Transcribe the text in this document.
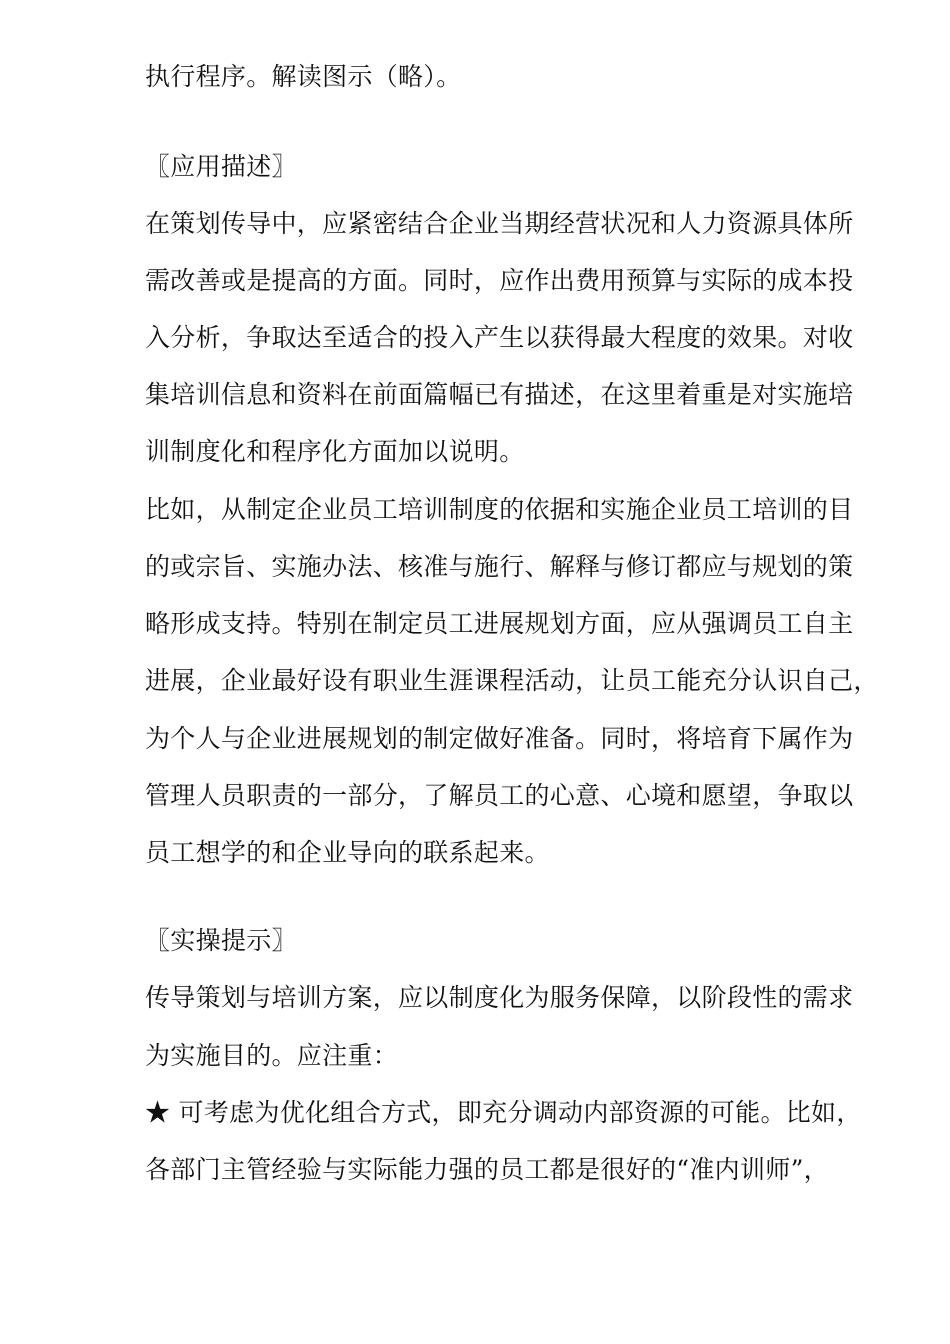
执行程序。解读图示（略）。
〖应用描述〗
在策划传导中，应紧密结合企业当期经营状况和人力资源具体所
需改善或是提高的方面。同时，应作出费用预算与实际的成本投
入分析，争取达至适合的投入产生以获得最大程度的效果。对收
集培训信息和资料在前面篇幅已有描述，在这里着重是对实施培
训制度化和程序化方面加以说明。
比如，从制定企业员工培训制度的依据和实施企业员工培训的目
的或宗旨、实施办法、核准与施行、解释与修订都应与规划的策
略形成支持。特别在制定员工进展规划方面，应从强调员工自主
进展，企业最好设有职业生涯课程活动，让员工能充分认识自己，
为个人与企业进展规划的制定做好准备。同时，将培育下属作为
管理人员职责的一部分，了解员工的心意、心境和愿望，争取以
员工想学的和企业导向的联系起来。
〖实操提示〗
传导策划与培训方案，应以制度化为服务保障，以阶段性的需求
为实施目的。应注重：
★ 可考虑为优化组合方式，即充分调动内部资源的可能。比如，
各部门主管经验与实际能力强的员工都是很好的“准内训师”，
